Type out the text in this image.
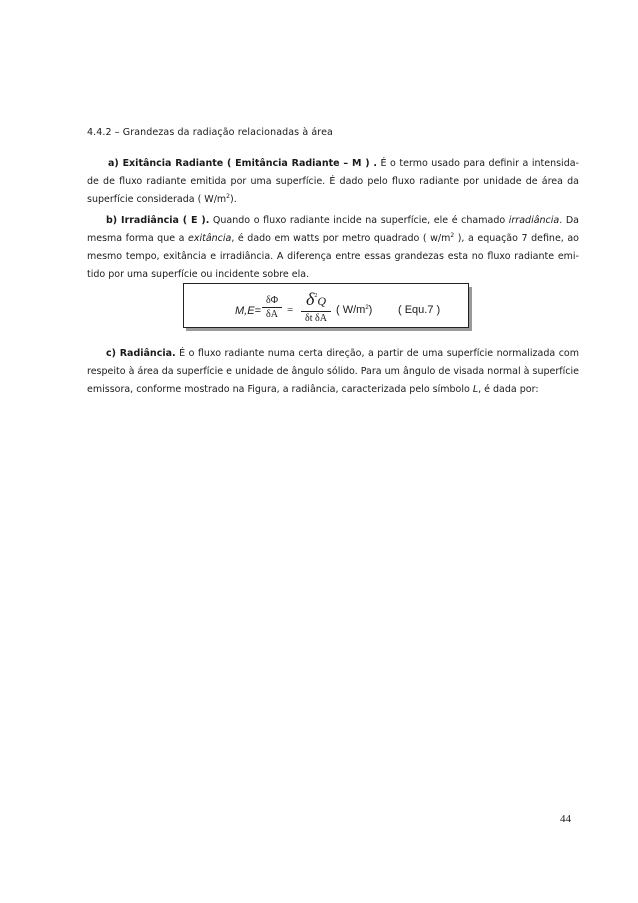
4.4.2 – Grandezas da radiação relacionadas à área
a) Exitância Radiante ( Emitância Radiante – M ) . É o termo usado para definir a intensida-de de fluxo radiante emitida por uma superfície. É dado pelo fluxo radiante por unidade de área da superfície considerada ( $W/m^2$).
b) Irradiância ( E ). Quando o fluxo radiante incide na superfície, ele é chamado irradiância. Da mesma forma que a exitância, é dado em watts por metro quadrado ( $w/m^2$ ), a equação 7 define, ao mesmo tempo, exitância e irradiância. A diferença entre essas grandezas esta no fluxo radiante emi-tido por uma superfície ou incidente sobre ela.
M,E=
δΦ
δA =
$\delta^2Q$
δt δA
( $W/m^2$) ( Equ.7 )
c) Radiância. É o fluxo radiante numa certa direção, a partir de uma superfície normalizada com respeito à área da superfície e unidade de ângulo sólido. Para um ângulo de visada normal à superfície emissora, conforme mostrado na Figura, a radiância, caracterizada pelo símbolo L, é dada por:
44
